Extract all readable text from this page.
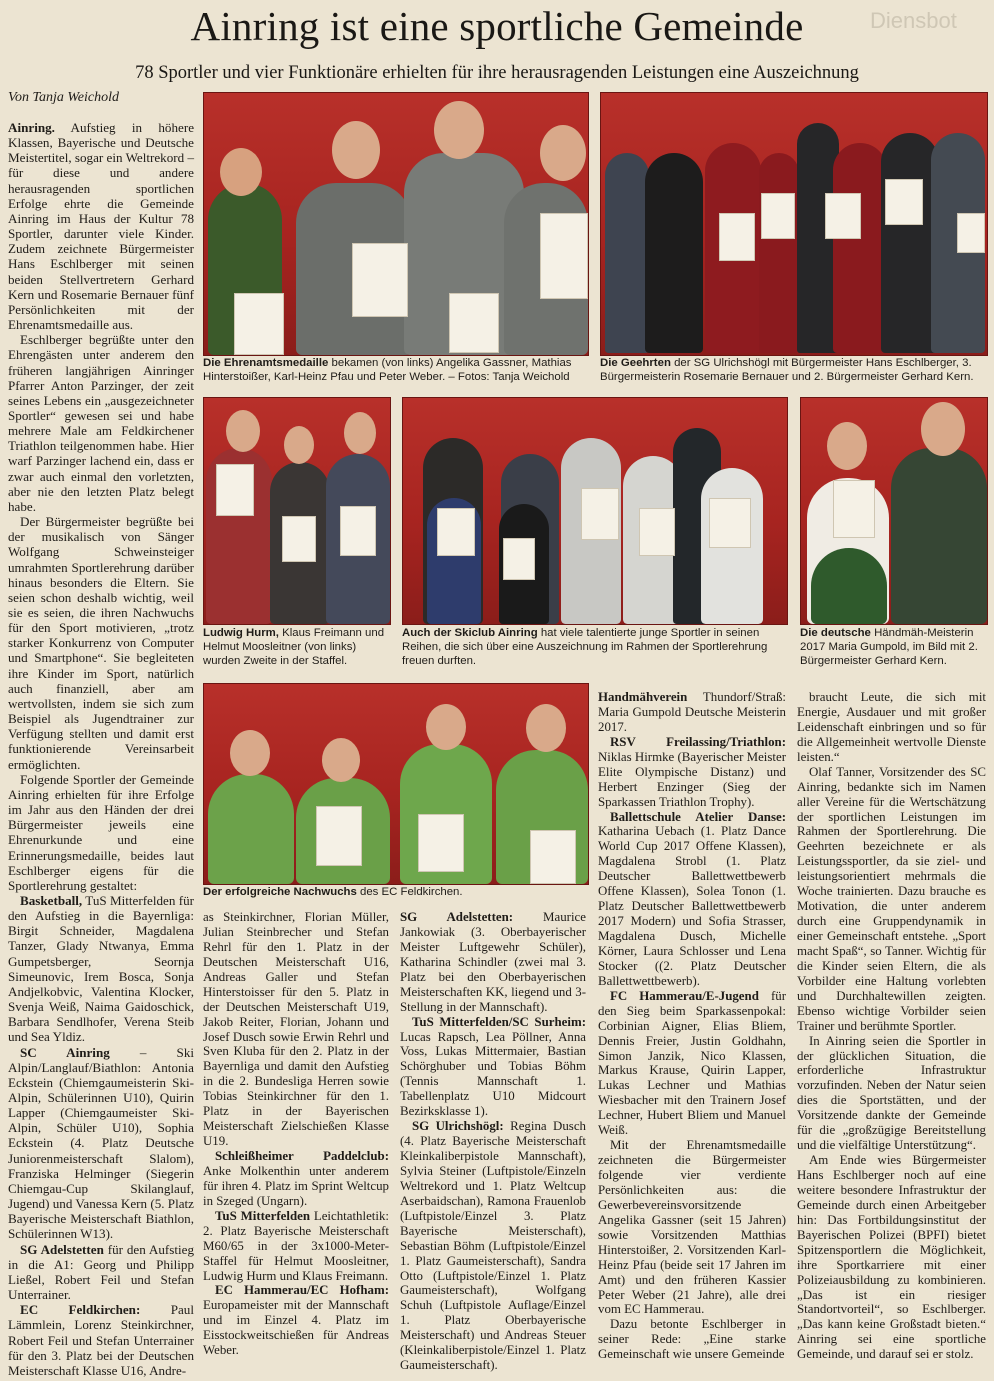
Diensbot
Ainring ist eine sportliche Gemeinde
78 Sportler und vier Funktionäre erhielten für ihre herausragenden Leistungen eine Auszeichnung
Von Tanja Weichold

Ainring. Aufstieg in höhere Klassen, Bayerische und Deutsche Meistertitel, sogar ein Weltrekord – für diese und andere herausragenden sportlichen Erfolge ehrte die Gemeinde Ainring im Haus der Kultur 78 Sportler, darunter viele Kinder. Zudem zeichnete Bürgermeister Hans Eschlberger mit seinen beiden Stellvertretern Gerhard Kern und Rosemarie Bernauer fünf Persönlichkeiten mit der Ehrenamtsmedaille aus.

Eschlberger begrüßte unter den Ehrengästen unter anderem den früheren langjährigen Ainringer Pfarrer Anton Parzinger, der zeit seines Lebens ein „ausgezeichneter Sportler“ gewesen sei und habe mehrere Male am Feldkirchener Triathlon teilgenommen habe. Hier warf Parzinger lachend ein, dass er zwar auch einmal den vorletzten, aber nie den letzten Platz belegt habe.

Der Bürgermeister begrüßte bei der musikalisch von Sänger Wolfgang Schweinsteiger umrahmten Sportlerehrung darüber hinaus besonders die Eltern. Sie seien schon deshalb wichtig, weil sie es seien, die ihren Nachwuchs für den Sport motivieren, „trotz starker Konkurrenz von Computer und Smartphone“. Sie begleiteten ihre Kinder im Sport, natürlich auch finanziell, aber am wertvollsten, indem sie sich zum Beispiel als Jugendtrainer zur Verfügung stellten und damit erst funktionierende Vereinsarbeit ermöglichten.

Folgende Sportler der Gemeinde Ainring erhielten für ihre Erfolge im Jahr aus den Händen der drei Bürgermeister jeweils eine Ehrenurkunde und eine Erinnerungsmedaille, beides laut Eschlberger eigens für die Sportlerehrung gestaltet:

Basketball, TuS Mitterfelden für den Aufstieg in die Bayernliga: Birgit Schneider, Magdalena Tanzer, Glady Ntwanya, Emma Gumpetsberger, Seornja Simeunovic, Irem Bosca, Sonja Andjelkobvic, Valentina Klocker, Svenja Weiß, Naima Gaidoschick, Barbara Sendlhofer, Verena Steib und Sea Yldiz.

SC Ainring – Ski Alpin/Langlauf/Biathlon: Antonia Eckstein (Chiemgaumeisterin Ski-Alpin, Schülerinnen U10), Quirin Lapper (Chiemgaumeister Ski-Alpin, Schüler U10), Sophia Eckstein (4. Platz Deutsche Juniorenmeisterschaft Slalom), Franziska Helminger (Siegerin Chiemgau-Cup Skilanglauf, Jugend) und Vanessa Kern (5. Platz Bayerische Meisterschaft Biathlon, Schülerinnen W13).

SG Adelstetten für den Aufstieg in die A1: Georg und Philipp Ließel, Robert Feil und Stefan Unterrainer.

EC Feldkirchen: Paul Lämmlein, Lorenz Steinkirchner, Robert Feil und Stefan Unterrainer für den 3. Platz bei der Deutschen Meisterschaft Klasse U16, Andre-

Die Ehrenamtsmedaille bekamen (von links) Angelika Gassner, Mathias Hinterstoißer, Karl-Heinz Pfau und Peter Weber. – Fotos: Tanja Weichold
Die Geehrten der SG Ulrichshögl mit Bürgermeister Hans Eschlberger, 3. Bürgermeisterin Rosemarie Bernauer und 2. Bürgermeister Gerhard Kern.
Ludwig Hurm, Klaus Freimann und Helmut Moosleitner (von links) wurden Zweite in der Staffel.
Auch der Skiclub Ainring hat viele talentierte junge Sportler in seinen Reihen, die sich über eine Auszeichnung im Rahmen der Sportlerehrung freuen durften.
Die deutsche Händmäh-Meisterin 2017 Maria Gumpold, im Bild mit 2. Bürgermeister Gerhard Kern.
Der erfolgreiche Nachwuchs des EC Feldkirchen.

as Steinkirchner, Florian Müller, Julian Steinbrecher und Stefan Rehrl für den 1. Platz in der Deutschen Meisterschaft U16, Andreas Galler und Stefan Hinterstoisser für den 5. Platz in der Deutschen Meisterschaft U19, Jakob Reiter, Florian, Johann und Josef Dusch sowie Erwin Rehrl und Sven Kluba für den 2. Platz in der Bayernliga und damit den Aufstieg in die 2. Bundesliga Herren sowie Tobias Steinkirchner für den 1. Platz in der Bayerischen Meisterschaft Zielschießen Klasse U19.

Schleißheimer Paddelclub: Anke Molkenthin unter anderem für ihren 4. Platz im Sprint Weltcup in Szeged (Ungarn).

TuS Mitterfelden Leichtathletik: 2. Platz Bayerische Meisterschaft M60/65 in der 3x1000-Meter-Staffel für Helmut Moosleitner, Ludwig Hurm und Klaus Freimann.

EC Hammerau/EC Hofham: Europameister mit der Mannschaft und im Einzel 4. Platz im Eisstockweitschießen für Andreas Weber.

SG Adelstetten: Maurice Jankowiak (3. Oberbayerischer Meister Luftgewehr Schüler), Katharina Schindler (zwei mal 3. Platz bei den Oberbayerischen Meisterschaften KK, liegend und 3-Stellung in der Mannschaft).

TuS Mitterfelden/SC Surheim: Lucas Rapsch, Lea Pöllner, Anna Voss, Lukas Mittermaier, Bastian Schörghuber und Tobias Böhm (Tennis Mannschaft 1. Tabellenplatz U10 Midcourt Bezirksklasse 1).

SG Ulrichshögl: Regina Dusch (4. Platz Bayerische Meisterschaft Kleinkaliberpistole Mannschaft), Sylvia Steiner (Luftpistole/Einzeln Weltrekord und 1. Platz Weltcup Aserbaidschan), Ramona Frauenlob (Luftpistole/Einzel 3. Platz Bayerische Meisterschaft), Sebastian Böhm (Luftpistole/Einzel 1. Platz Gaumeisterschaft), Sandra Otto (Luftpistole/Einzel 1. Platz Gaumeisterschaft), Wolfgang Schuh (Luftpistole Auflage/Einzel 1. Platz Oberbayerische Meisterschaft) und Andreas Steuer (Kleinkaliberpistole/Einzel 1. Platz Gaumeisterschaft).

Handmähverein Thundorf/Straß: Maria Gumpold Deutsche Meisterin 2017.

RSV Freilassing/Triathlon: Niklas Hirmke (Bayerischer Meister Elite Olympische Distanz) und Herbert Enzinger (Sieg der Sparkassen Triathlon Trophy).

Ballettschule Atelier Danse: Katharina Uebach (1. Platz Dance World Cup 2017 Offene Klassen), Magdalena Strobl (1. Platz Deutscher Ballettwettbewerb Offene Klassen), Solea Tonon (1. Platz Deutscher Ballettwettbewerb 2017 Modern) und Sofia Strasser, Magdalena Dusch, Michelle Körner, Laura Schlosser und Lena Stocker ((2. Platz Deutscher Ballettwettbewerb).

FC Hammerau/E-Jugend für den Sieg beim Sparkassenpokal: Corbinian Aigner, Elias Bliem, Dennis Freier, Justin Goldhahn, Simon Janzik, Nico Klassen, Markus Krause, Quirin Lapper, Lukas Lechner und Mathias Wiesbacher mit den Trainern Josef Lechner, Hubert Bliem und Manuel Weiß.

Mit der Ehrenamtsmedaille zeichneten die Bürgermeister folgende vier verdiente Persönlichkeiten aus: die Gewerbevereinsvorsitzende Angelika Gassner (seit 15 Jahren) sowie Vorsitzenden Matthias Hinterstoißer, 2. Vorsitzenden Karl-Heinz Pfau (beide seit 17 Jahren im Amt) und den früheren Kassier Peter Weber (21 Jahre), alle drei vom EC Hammerau.

Dazu betonte Eschlberger in seiner Rede: „Eine starke Gemeinschaft wie unsere Gemeinde

braucht Leute, die sich mit Energie, Ausdauer und mit großer Leidenschaft einbringen und so für die Allgemeinheit wertvolle Dienste leisten.“

Olaf Tanner, Vorsitzender des SC Ainring, bedankte sich im Namen aller Vereine für die Wertschätzung der sportlichen Leistungen im Rahmen der Sportlerehrung. Die Geehrten bezeichnete er als Leistungssportler, da sie ziel- und leistungsorientiert mehrmals die Woche trainierten. Dazu brauche es Motivation, die unter anderem durch eine Gruppendynamik in einer Gemeinschaft entstehe. „Sport macht Spaß“, so Tanner. Wichtig für die Kinder seien Eltern, die als Vorbilder eine Haltung vorlebten und Durchhaltewillen zeigten. Ebenso wichtige Vorbilder seien Trainer und berühmte Sportler.

In Ainring seien die Sportler in der glücklichen Situation, die erforderliche Infrastruktur vorzufinden. Neben der Natur seien dies die Sportstätten, und der Vorsitzende dankte der Gemeinde für die „großzügige Bereitstellung und die vielfältige Unterstützung“.

Am Ende wies Bürgermeister Hans Eschlberger noch auf eine weitere besondere Infrastruktur der Gemeinde durch einen Arbeitgeber hin: Das Fortbildungsinstitut der Bayerischen Polizei (BPFI) bietet Spitzensportlern die Möglichkeit, ihre Sportkarriere mit einer Polizeiausbildung zu kombinieren. „Das ist ein riesiger Standortvorteil“, so Eschlberger. „Das kann keine Großstadt bieten.“ Ainring sei eine sportliche Gemeinde, und darauf sei er stolz.
